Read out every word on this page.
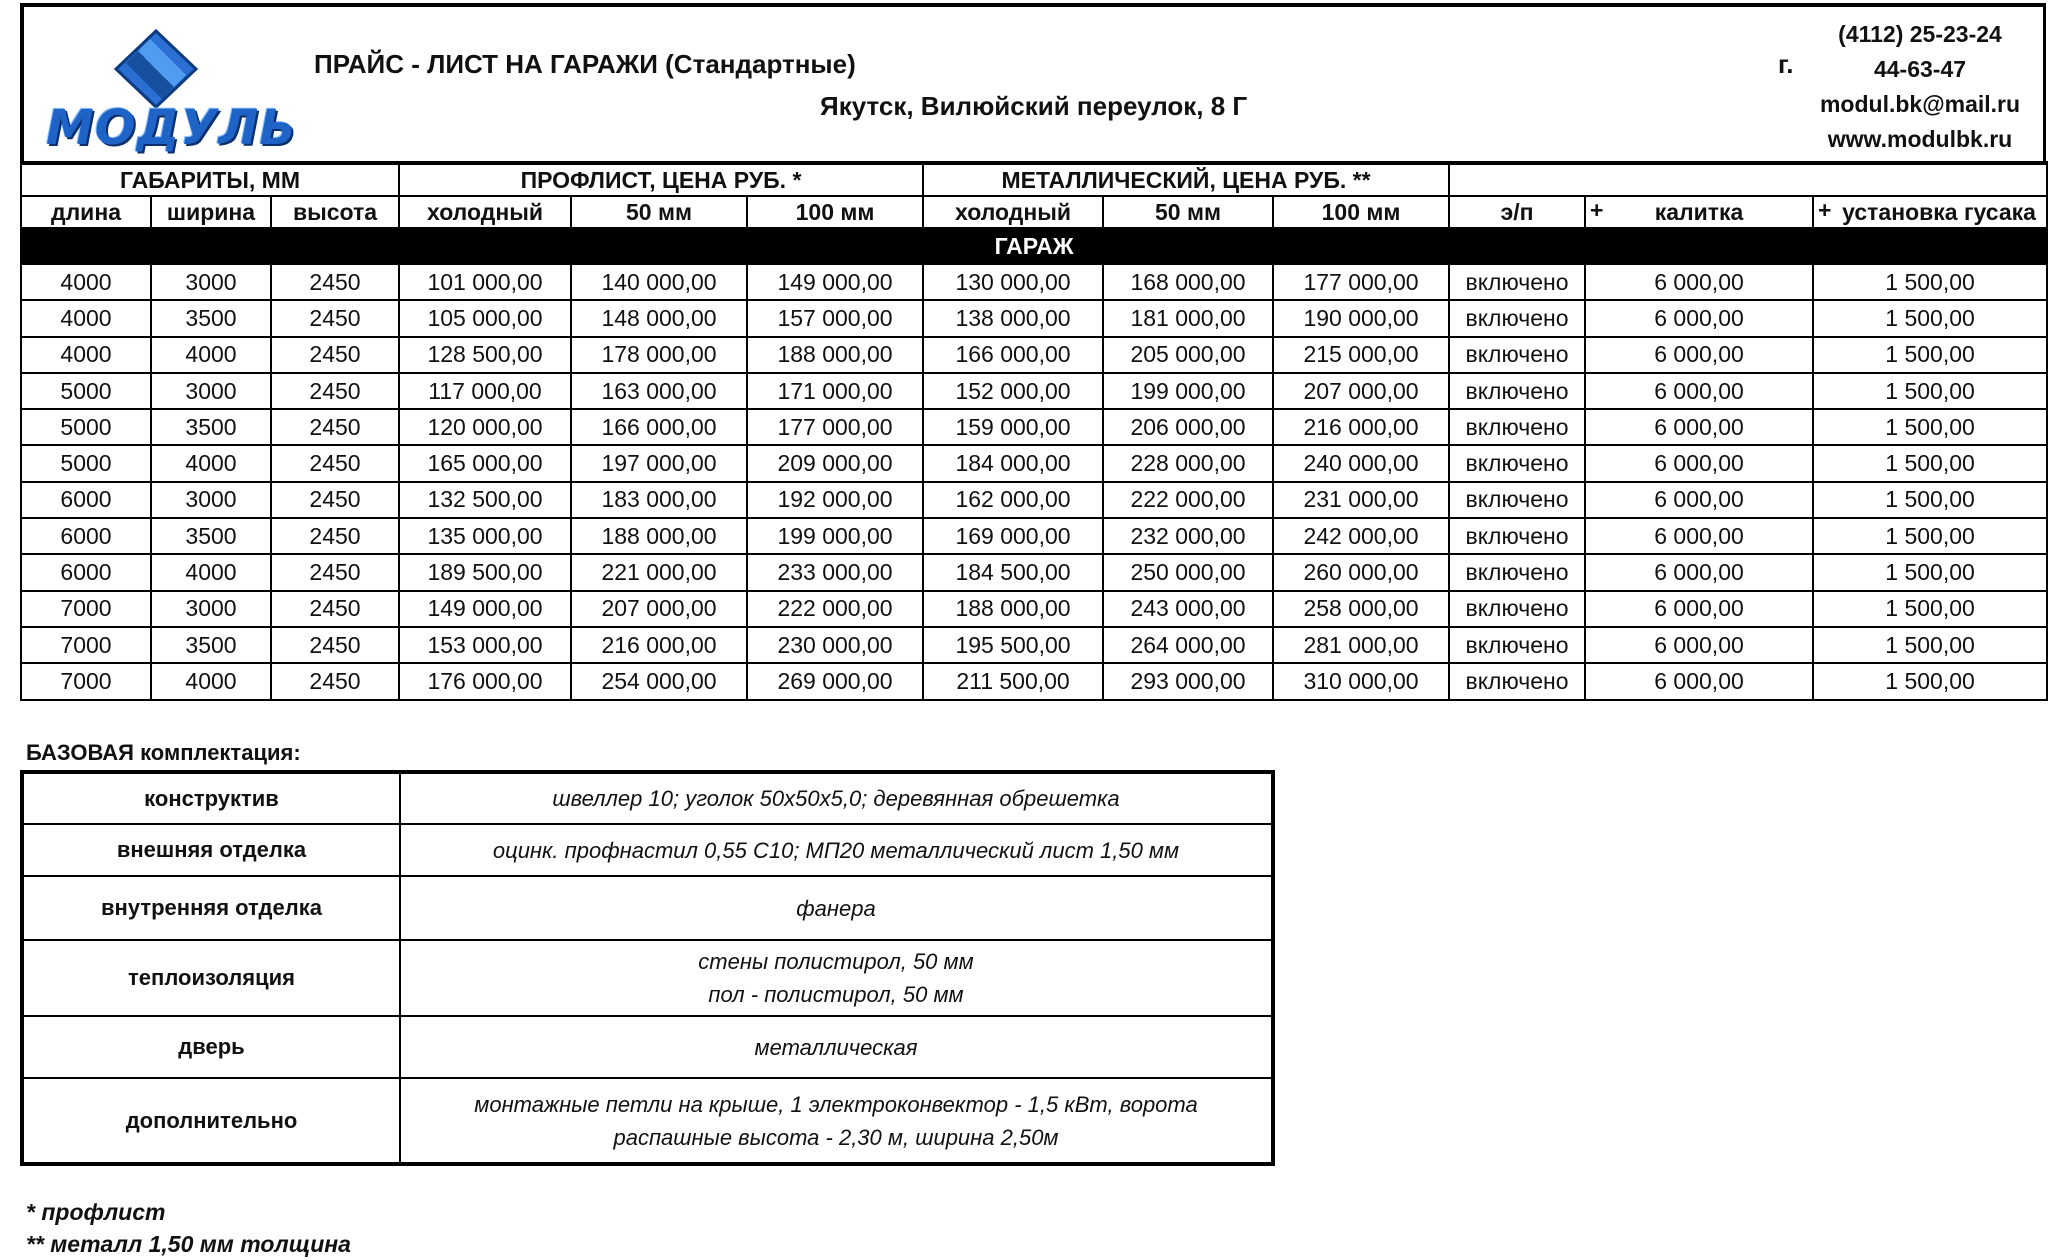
МОДУЛЬ
ПРАЙС - ЛИСТ НА ГАРАЖИ (Стандартные)	г.
Якутск, Вилюйский переулок, 8 Г
(4112) 25-23-24
44-63-47
modul.bk@mail.ru
www.modulbk.ru
ГАБАРИТЫ, ММ			ПРОФЛИСТ, ЦЕНА РУБ. *			МЕТАЛЛИЧЕСКИЙ, ЦЕНА РУБ. **					
длина	ширина	высота	холодный	50 мм	100 мм	холодный	50 мм	100 мм	э/п	+ калитка	+ установка гусака
ГАРАЖ											
4000	3000	2450	101 000,00	140 000,00	149 000,00	130 000,00	168 000,00	177 000,00	включено	6 000,00	1 500,00
4000	3500	2450	105 000,00	148 000,00	157 000,00	138 000,00	181 000,00	190 000,00	включено	6 000,00	1 500,00
4000	4000	2450	128 500,00	178 000,00	188 000,00	166 000,00	205 000,00	215 000,00	включено	6 000,00	1 500,00
5000	3000	2450	117 000,00	163 000,00	171 000,00	152 000,00	199 000,00	207 000,00	включено	6 000,00	1 500,00
5000	3500	2450	120 000,00	166 000,00	177 000,00	159 000,00	206 000,00	216 000,00	включено	6 000,00	1 500,00
5000	4000	2450	165 000,00	197 000,00	209 000,00	184 000,00	228 000,00	240 000,00	включено	6 000,00	1 500,00
6000	3000	2450	132 500,00	183 000,00	192 000,00	162 000,00	222 000,00	231 000,00	включено	6 000,00	1 500,00
6000	3500	2450	135 000,00	188 000,00	199 000,00	169 000,00	232 000,00	242 000,00	включено	6 000,00	1 500,00
6000	4000	2450	189 500,00	221 000,00	233 000,00	184 500,00	250 000,00	260 000,00	включено	6 000,00	1 500,00
7000	3000	2450	149 000,00	207 000,00	222 000,00	188 000,00	243 000,00	258 000,00	включено	6 000,00	1 500,00
7000	3500	2450	153 000,00	216 000,00	230 000,00	195 500,00	264 000,00	281 000,00	включено	6 000,00	1 500,00
7000	4000	2450	176 000,00	254 000,00	269 000,00	211 500,00	293 000,00	310 000,00	включено	6 000,00	1 500,00
БАЗОВАЯ комплектация:
конструктив	швеллер 10; уголок 50х50х5,0; деревянная обрешетка

внешняя отделка	оцинк. профнастил 0,55 С10; МП20 металлический лист 1,50 мм

внутренняя отделка	фанера

теплоизоляция	стены полистирол, 50 мм
пол - полистирол, 50 мм

дверь	металлическая

дополнительно	монтажные петли на крыше, 1 электроконвектор - 1,5 кВт, ворота
распашные высота - 2,30 м, ширина 2,50м
* профлист
** металл 1,50 мм толщина
